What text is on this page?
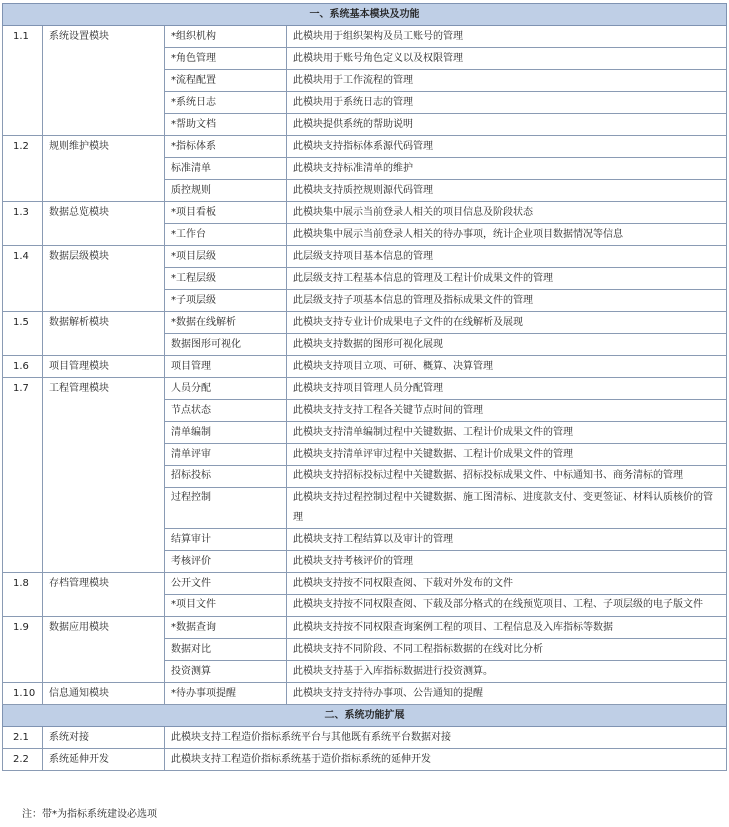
一、系统基本模块及功能			
1.1	系统设置模块	*组织机构	此模块用于组织架构及员工账号的管理
		*角色管理	此模块用于账号角色定义以及权限管理
		*流程配置	此模块用于工作流程的管理
		*系统日志	此模块用于系统日志的管理
		*帮助文档	此模块提供系统的帮助说明
1.2	规则维护模块	*指标体系	此模块支持指标体系源代码管理
		标准清单	此模块支持标准清单的维护
		质控规则	此模块支持质控规则源代码管理
1.3	数据总览模块	*项目看板	此模块集中展示当前登录人相关的项目信息及阶段状态
		*工作台	此模块集中展示当前登录人相关的待办事项，统计企业项目数据情况等信息
1.4	数据层级模块	*项目层级	此层级支持项目基本信息的管理
		*工程层级	此层级支持工程基本信息的管理及工程计价成果文件的管理
		*子项层级	此层级支持子项基本信息的管理及指标成果文件的管理
1.5	数据解析模块	*数据在线解析	此模块支持专业计价成果电子文件的在线解析及展现
		数据图形可视化	此模块支持数据的图形可视化展现
1.6	项目管理模块	项目管理	此模块支持项目立项、可研、概算、决算管理
1.7	工程管理模块	人员分配	此模块支持项目管理人员分配管理
		节点状态	此模块支持支持工程各关键节点时间的管理
		清单编制	此模块支持清单编制过程中关键数据、工程计价成果文件的管理
		清单评审	此模块支持清单评审过程中关键数据、工程计价成果文件的管理
		招标投标	此模块支持招标投标过程中关键数据、招标投标成果文件、中标通知书、商务清标的管理
		过程控制	此模块支持过程控制过程中关键数据、施工图清标、进度款支付、变更签证、材料认质核价的管理
		结算审计	此模块支持工程结算以及审计的管理
		考核评价	此模块支持考核评价的管理
1.8	存档管理模块	公开文件	此模块支持按不同权限查阅、下载对外发布的文件
		*项目文件	此模块支持按不同权限查阅、下载及部分格式的在线预览项目、工程、子项层级的电子版文件
1.9	数据应用模块	*数据查询	此模块支持按不同权限查询案例工程的项目、工程信息及入库指标等数据
		数据对比	此模块支持不同阶段、不同工程指标数据的在线对比分析
		投资测算	此模块支持基于入库指标数据进行投资测算。
1.10	信息通知模块	*待办事项提醒	此模块支持支持待办事项、公告通知的提醒
二、系统功能扩展			
2.1	系统对接	此模块支持工程造价指标系统平台与其他既有系统平台数据对接	
2.2	系统延伸开发	此模块支持工程造价指标系统基于造价指标系统的延伸开发	
注：带*为指标系统建设必选项
